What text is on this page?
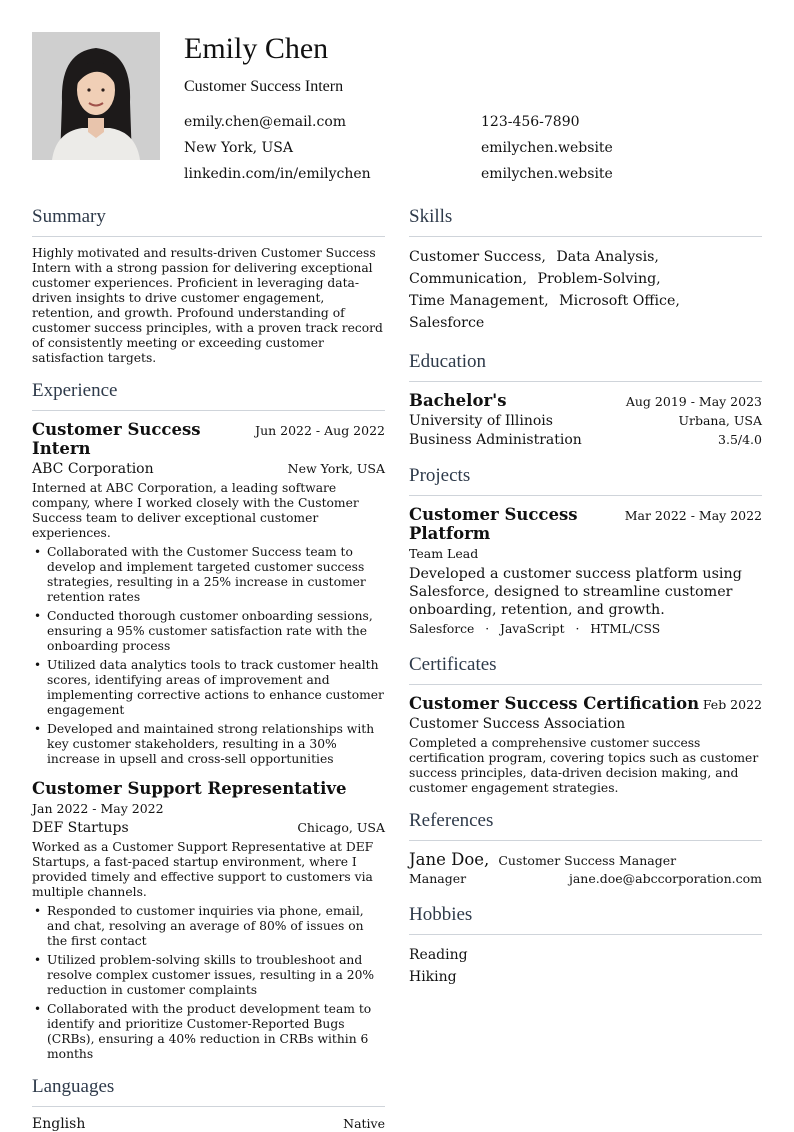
Emily Chen
Customer Success Intern
emily.chen@email.com	123-456-7890
New York, USA	emilychen.website
linkedin.com/in/emilychen	emilychen.website
Summary

Highly motivated and results-driven Customer Success Intern with a strong passion for delivering exceptional customer experiences. Proficient in leveraging data-driven insights to drive customer engagement, retention, and growth. Profound understanding of customer success principles, with a proven track record of consistently meeting or exceeding customer satisfaction targets.

Experience
Customer Success Intern
Jun 2022 - Aug 2022
ABC Corporation	New York, USA

Interned at ABC Corporation, a leading software company, where I worked closely with the Customer Success team to deliver exceptional customer experiences.

• Collaborated with the Customer Success team to develop and implement targeted customer success strategies, resulting in a 25% increase in customer retention rates
• Conducted thorough customer onboarding sessions, ensuring a 95% customer satisfaction rate with the onboarding process
• Utilized data analytics tools to track customer health scores, identifying areas of improvement and implementing corrective actions to enhance customer engagement
• Developed and maintained strong relationships with key customer stakeholders, resulting in a 30% increase in upsell and cross-sell opportunities
Customer Support Representative
Jan 2022 - May 2022
DEF Startups	Chicago, USA

Worked as a Customer Support Representative at DEF Startups, a fast-paced startup environment, where I provided timely and effective support to customers via multiple channels.

• Responded to customer inquiries via phone, email, and chat, resolving an average of 80% of issues on the first contact
• Utilized problem-solving skills to troubleshoot and resolve complex customer issues, resulting in a 20% reduction in customer complaints
• Collaborated with the product development team to identify and prioritize Customer-Reported Bugs (CRBs), ensuring a 40% reduction in CRBs within 6 months
Languages
English	Native
Skills
Customer Success, Data Analysis,
Communication, Problem-Solving,
Time Management, Microsoft Office, Salesforce
Education
Bachelor's	Aug 2019 - May 2023
University of Illinois	Urbana, USA
Business Administration	3.5/4.0
Projects
Customer Success Platform
Mar 2022 - May 2022
Team Lead

Developed a customer success platform using Salesforce, designed to streamline customer onboarding, retention, and growth.

Salesforce · JavaScript · HTML/CSS
Certificates
Customer Success Certification Feb 2022
Customer Success Association

Completed a comprehensive customer success certification program, covering topics such as customer success principles, data-driven decision making, and customer engagement strategies.

References
Jane Doe, Customer Success Manager
Manager	jane.doe@abccorporation.com
Hobbies
Reading
Hiking
